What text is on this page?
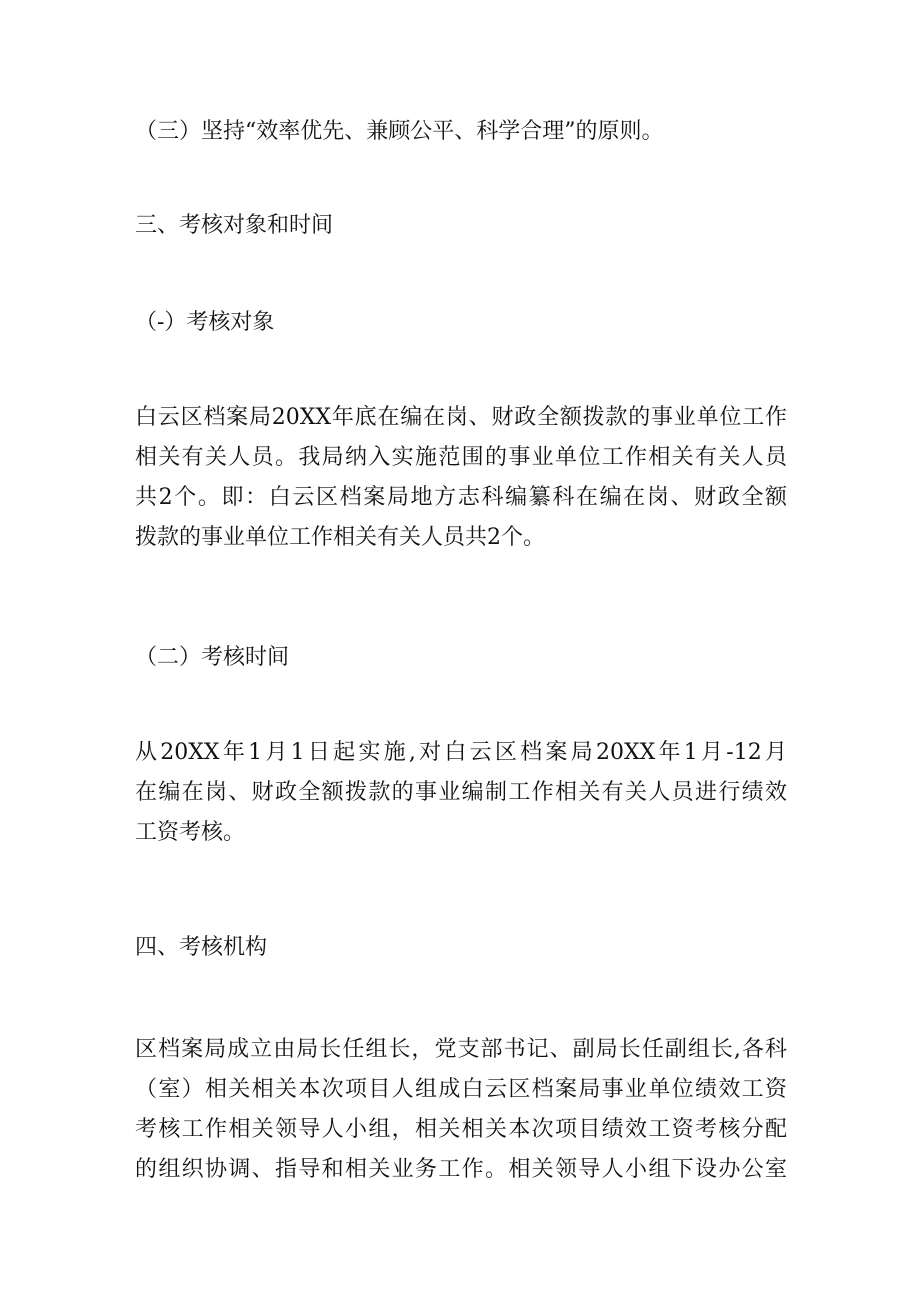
（三）坚持“效率优先、兼顾公平、科学合理”的原则。
三、考核对象和时间
（-）考核对象
白云区档案局20XX年底在编在岗、财政全额拨款的事业单位工作
相关有关人员。我局纳入实施范围的事业单位工作相关有关人员
共2个。即：白云区档案局地方志科编纂科在编在岗、财政全额
拨款的事业单位工作相关有关人员共2个。
（二）考核时间
从20XX年1月1日起实施,对白云区档案局20XX年1月-12月
在编在岗、财政全额拨款的事业编制工作相关有关人员进行绩效
工资考核。
四、考核机构
区档案局成立由局长任组长，党支部书记、副局长任副组长,各科
（室）相关相关本次项目人组成白云区档案局事业单位绩效工资
考核工作相关领导人小组，相关相关本次项目绩效工资考核分配
的组织协调、指导和相关业务工作。相关领导人小组下设办公室
